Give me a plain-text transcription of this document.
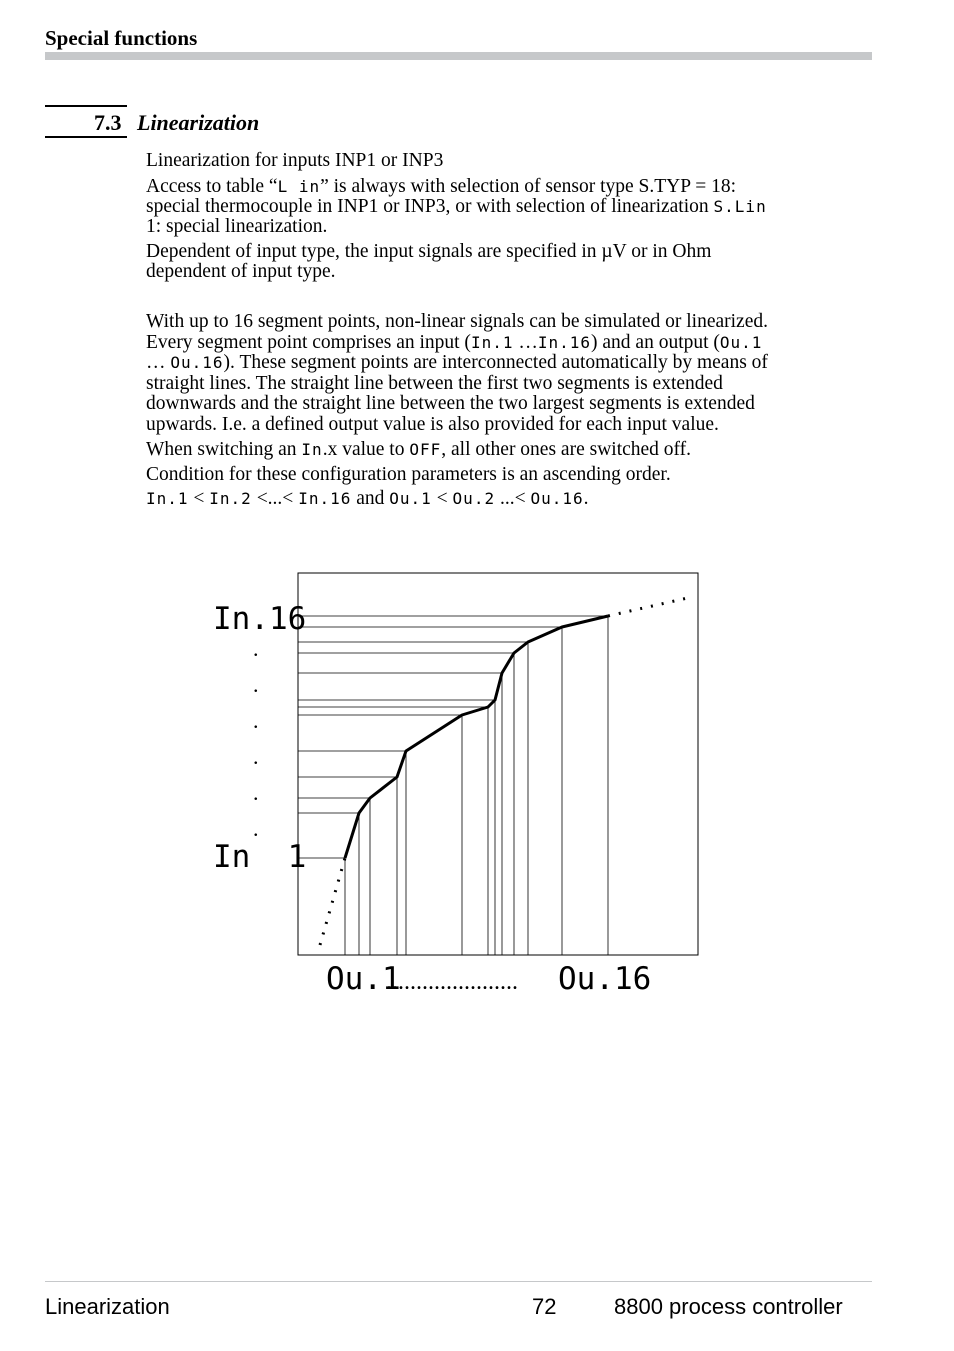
Special functions
7.3 Linearization
Linearization for inputs INP1 or INP3
Access to table “L in” is always with selection of sensor type S.TYP = 18:
special thermocouple in INP1 or INP3, or with selection of linearization S.Lin
1: special linearization.
Dependent of input type, the input signals are specified in µV or in Ohm
dependent of input type.
With up to 16 segment points, non-linear signals can be simulated or linearized.
Every segment point comprises an input (In.1 …In.16) and an output (Ou.1
… Ou.16). These segment points are interconnected automatically by means of
straight lines. The straight line between the first two segments is extended
downwards and the straight line between the two largest segments is extended
upwards. I.e. a defined output value is also provided for each input value.
When switching an In.x value to OFF, all other ones are switched off.
Condition for these configuration parameters is an ascending order.
In.1 < In.2 <...< In.16 and Ou.1 < Ou.2 ...< Ou.16.
In.16
In  1
.
.
.
.
.
.
Ou.1
...................... Ou.16
Linearization	72	8800 process controller
